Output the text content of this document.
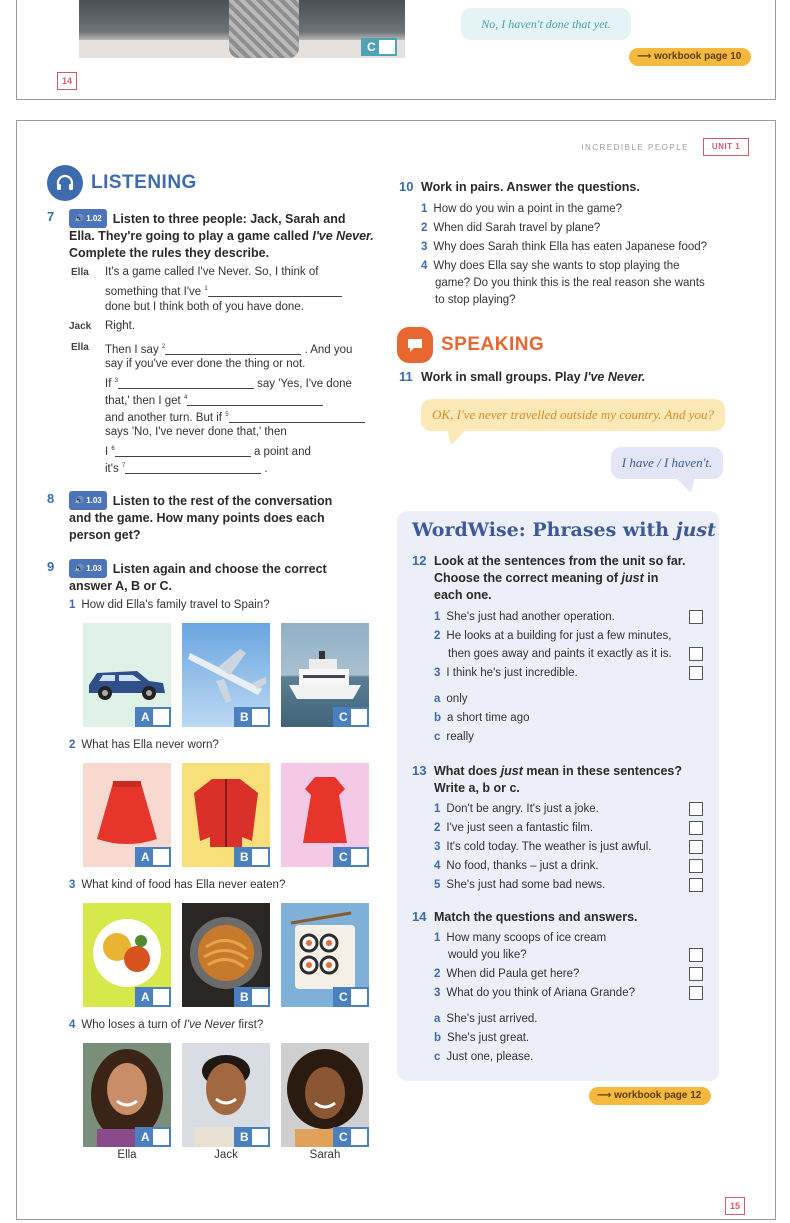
C
No, I haven't done that yet.
⟶ workbook page 10
14
INCREDIBLE PEOPLE	UNIT 1
LISTENING
7	🔊 1.02 Listen to three people: Jack, Sarah and
Ella. They're going to play a game called I've Never.
Complete the rules they describe.
Ella It's a game called I've Never. So, I think of
something that I've $^1$
done but I think both of you have done.
Jack Right.
Ella Then I say $^2$	. And you
say if you've ever done the thing or not.
If $^3$	say 'Yes, I've done
that,' then I get $^4$
and another turn. But if $^5$
says 'No, I've never done that,' then
I $^6$	a point and
it's $^7$	.
8	🔊 1.03 Listen to the rest of the conversation
and the game. How many points does each
person get?
9	🔊 1.03 Listen again and choose the correct
answer A, B or C.
1 How did Ella's family travel to Spain?
A	B	C
2 What has Ella never worn?
A	B	C
3 What kind of food has Ella never eaten?
A	B	C
4 Who loses a turn of I've Never first?
A	B	C
Ella	Jack	Sarah
10 Work in pairs. Answer the questions.
1 How do you win a point in the game?
2 When did Sarah travel by plane?
3 Why does Sarah think Ella has eaten Japanese food?
4 Why does Ella say she wants to stop playing the
game? Do you think this is the real reason she wants
to stop playing?
SPEAKING
11 Work in small groups. Play I've Never.
OK, I've never travelled outside my country. And you?
I have / I haven't.
WordWise: Phrases with just
12 Look at the sentences from the unit so far.
Choose the correct meaning of just in
each one.
1 She's just had another operation.
2 He looks at a building for just a few minutes,
then goes away and paints it exactly as it is.
3 I think he's just incredible.
a only
b a short time ago
c really
13 What does just mean in these sentences?
Write a, b or c.
1 Don't be angry. It's just a joke.
2 I've just seen a fantastic film.
3 It's cold today. The weather is just awful.
4 No food, thanks – just a drink.
5 She's just had some bad news.
14 Match the questions and answers.
1 How many scoops of ice cream
would you like?
2 When did Paula get here?
3 What do you think of Ariana Grande?
a She's just arrived.
b She's just great.
c Just one, please.
⟶ workbook page 12
15
